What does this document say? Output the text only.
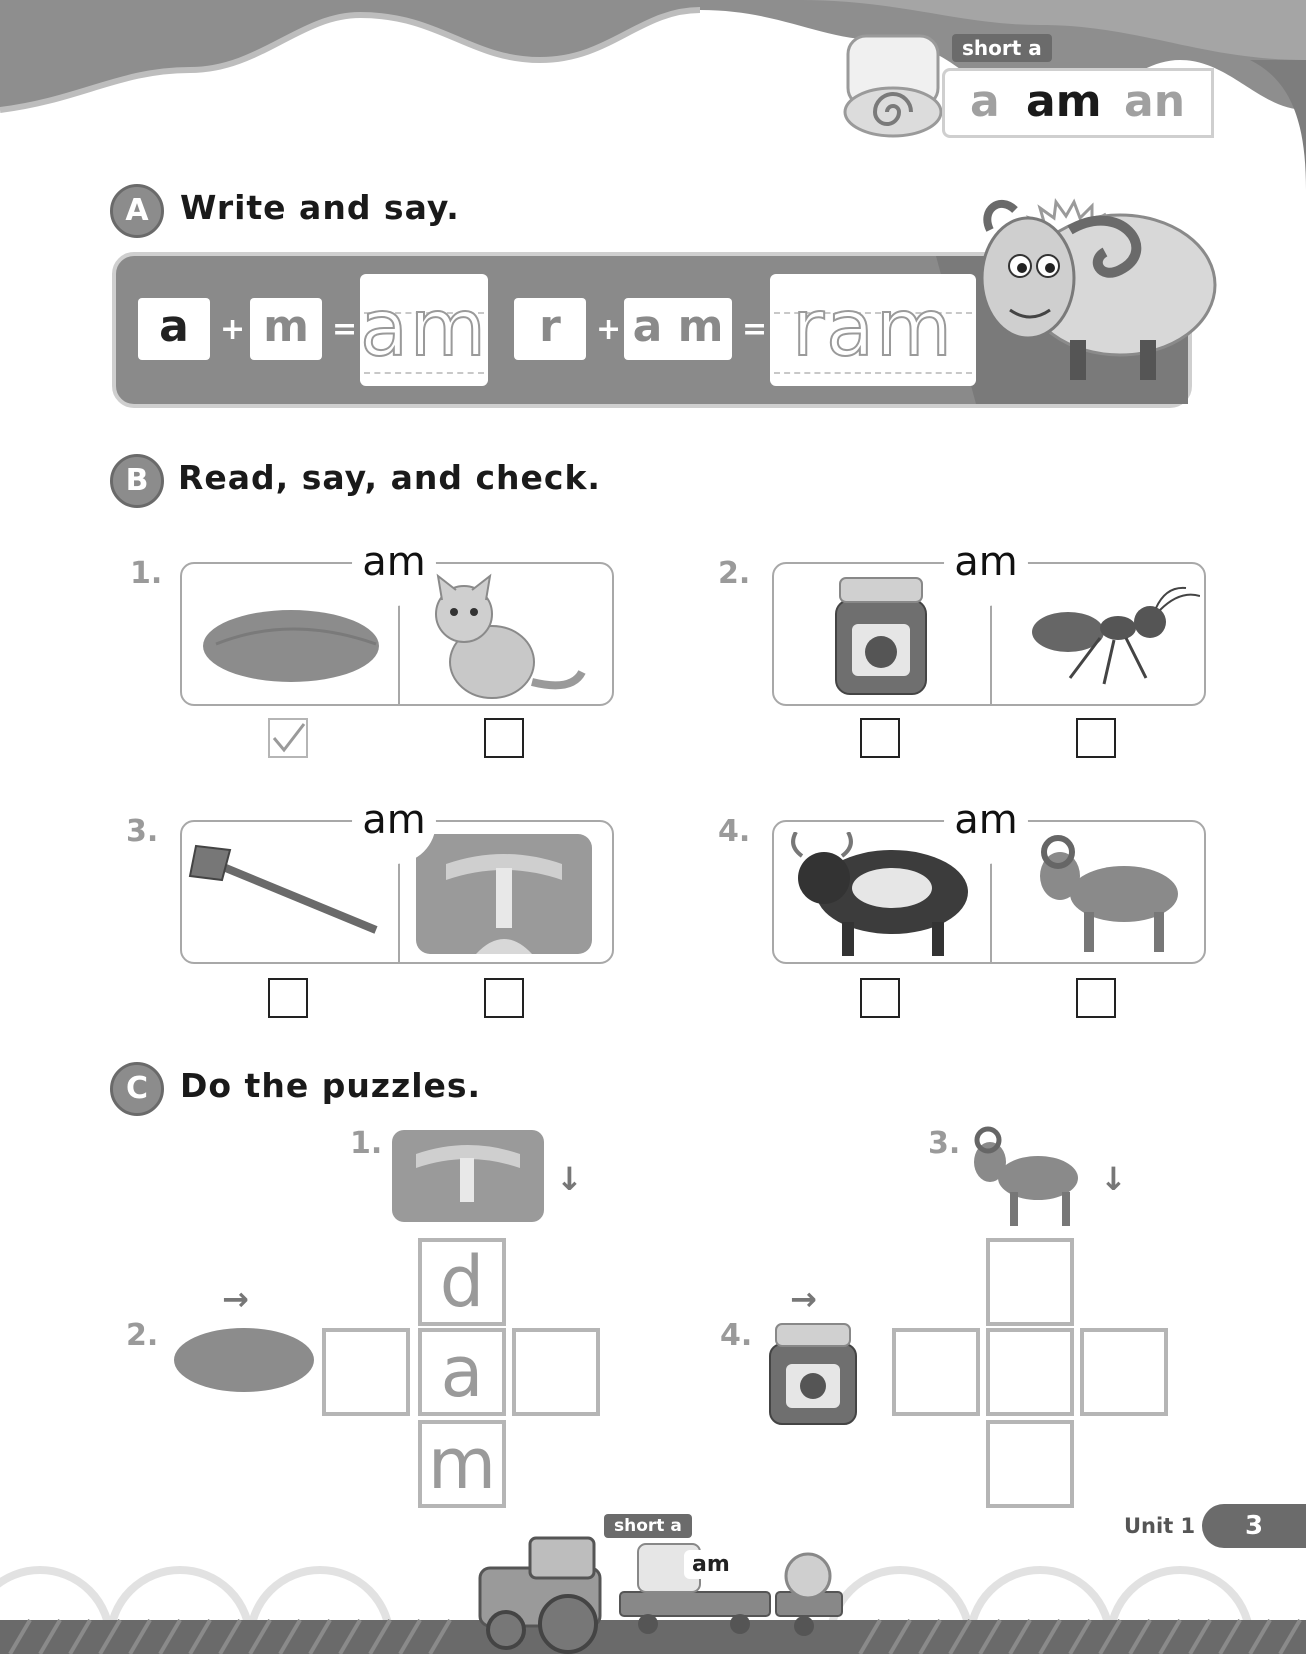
a am an
short a
A Write and say.
a	+ m = am	r	+ a m = ram
B Read, say, and check.
1.	am	2.	am
3.	am	4.	am
C Do the puzzles.
1.
↓
2.
→	d
a
m
3.
↓
4.
→
short a
am
Unit 1	3
